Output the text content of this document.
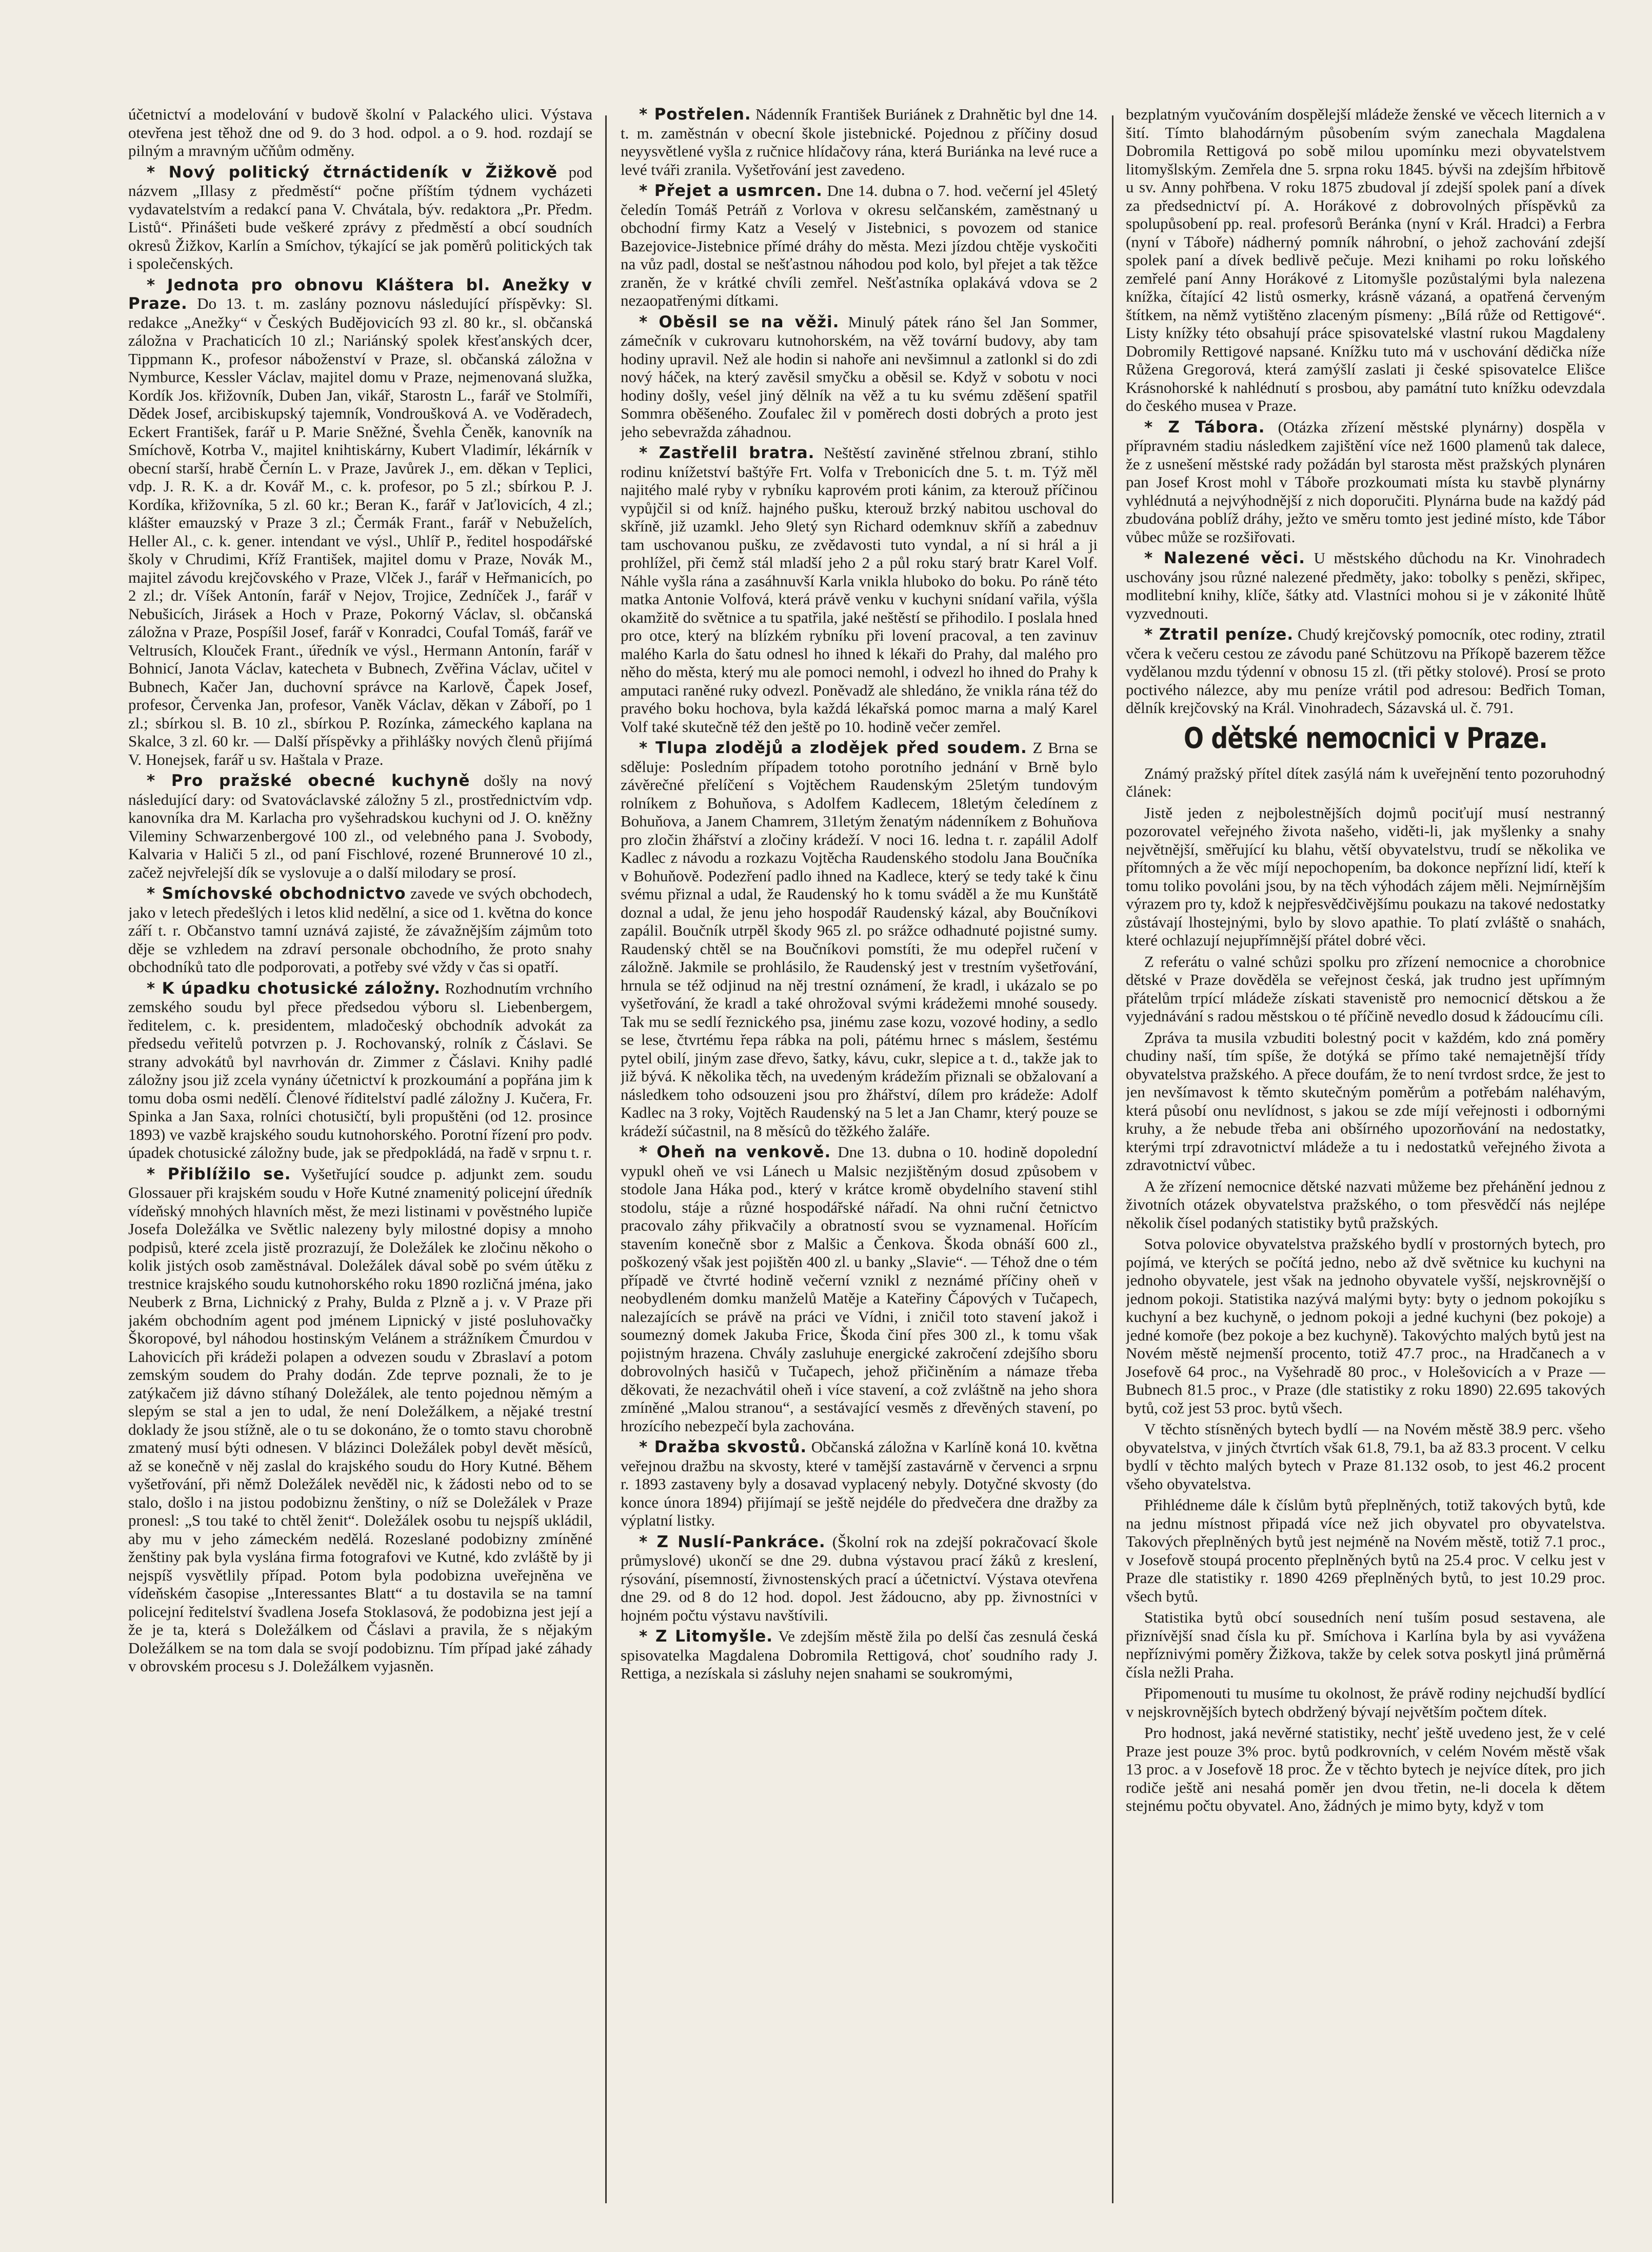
účetnictví a modelování v budově školní v Palackého ulici. Výstava otevřena jest těhož dne od 9. do 3 hod. odpol. a o 9. hod. rozdají se pilným a mravným učňům odměny.

* Nový politický čtrnáctideník v Žižkově pod názvem „Illasy z předměstí“ počne příštím týdnem vycházeti vydavatelstvím a redakcí pana V. Chvátala, býv. redaktora „Pr. Předm. Listů“. Přinášeti bude veškeré zprávy z předměstí a obcí soudních okresů Žižkov, Karlín a Smíchov, týkající se jak poměrů politických tak i společenských.

* Jednota pro obnovu Kláštera bl. Anežky v Praze. Do 13. t. m. zaslány poznovu následující příspěvky: Sl. redakce „Anežky“ v Českých Budějovicích 93 zl. 80 kr., sl. občanská záložna v Prachaticích 10 zl.; Nariánský spolek křesťanských dcer, Tippmann K., profesor náboženství v Praze, sl. občanská záložna v Nymburce, Kessler Václav, majitel domu v Praze, nejmenovaná služka, Kordík Jos. křižovník, Duben Jan, vikář, Starostn L., farář ve Stolmíři, Dědek Josef, arcibiskupský tajemník, Vondroušková A. ve Voděradech, Eckert František, farář u P. Marie Sněžné, Švehla Čeněk, kanovník na Smíchově, Kotrba V., majitel knihtiskárny, Kubert Vladimír, lékárník v obecní starší, hrabě Černín L. v Praze, Javůrek J., em. děkan v Teplici, vdp. J. R. K. a dr. Kovář M., c. k. profesor, po 5 zl.; sbírkou P. J. Kordíka, křižovníka, 5 zl. 60 kr.; Beran K., farář v Jaťlovicích, 4 zl.; klášter emauzský v Praze 3 zl.; Čermák Frant., farář v Nebuželích, Heller Al., c. k. gener. intendant ve výsl., Uhlíř P., ředitel hospodářské školy v Chrudimi, Kříž František, majitel domu v Praze, Novák M., majitel závodu krejčovského v Praze, Vlček J., farář v Heřmanicích, po 2 zl.; dr. Víšek Antonín, farář v Nejov, Trojice, Zedníček J., farář v Nebušicích, Jirásek a Hoch v Praze, Pokorný Václav, sl. občanská záložna v Praze, Pospíšil Josef, farář v Konradci, Coufal Tomáš, farář ve Veltrusích, Klouček Frant., úředník ve výsl., Hermann Antonín, farář v Bohnicí, Janota Václav, katecheta v Bubnech, Zvěřina Václav, učitel v Bubnech, Kačer Jan, duchovní správce na Karlově, Čapek Josef, profesor, Červenka Jan, profesor, Vaněk Václav, děkan v Záboří, po 1 zl.; sbírkou sl. B. 10 zl., sbírkou P. Rozínka, zámeckého kaplana na Skalce, 3 zl. 60 kr. — Další příspěvky a přihlášky nových členů přijímá V. Honejsek, farář u sv. Haštala v Praze.

* Pro pražské obecné kuchyně došly na nový následující dary: od Svatováclavské záložny 5 zl., prostřednictvím vdp. kanovníka dra M. Karlacha pro vyšehradskou kuchyni od J. O. kněžny Vileminy Schwarzenbergové 100 zl., od velebného pana J. Svobody, Kalvaria v Haliči 5 zl., od paní Fischlové, rozené Brunnerové 10 zl., začež nejvřelejší dík se vyslovuje a o další milodary se prosí.

* Smíchovské obchodnictvo zavede ve svých obchodech, jako v letech předešlých i letos klid nedělní, a sice od 1. května do konce září t. r. Občanstvo tamní uznává zajisté, že závažnějším zájmům toto děje se vzhledem na zdraví personale obchodního, že proto snahy obchodníků tato dle podporovati, a potřeby své vždy v čas si opatří.

* K úpadku chotusické záložny. Rozhodnutím vrchního zemského soudu byl přece předsedou výboru sl. Liebenbergem, ředitelem, c. k. presidentem, mladočeský obchodník advokát za předsedu veřitelů potvrzen p. J. Rochovanský, rolník z Čáslavi. Se strany advokátů byl navrhován dr. Zimmer z Čáslavi. Knihy padlé záložny jsou již zcela vynány účetnictví k prozkoumání a popřána jim k tomu doba osmi nedělí. Členové říditelství padlé záložny J. Kučera, Fr. Spinka a Jan Saxa, rolníci chotusičtí, byli propuštěni (od 12. prosince 1893) ve vazbě krajského soudu kutnohorského. Porotní řízení pro podv. úpadek chotusické záložny bude, jak se předpokládá, na řadě v srpnu t. r.

* Přiblížilo se. Vyšetřující soudce p. adjunkt zem. soudu Glossauer při krajském soudu v Hoře Kutné znamenitý policejní úředník vídeňský mnohých hlavních měst, že mezi listinami v pověstného lupiče Josefa Doležálka ve Světlic nalezeny byly milostné dopisy a mnoho podpisů, které zcela jistě prozrazují, že Doležálek ke zločinu někoho o kolik jistých osob zaměstnával. Doležálek dával sobě po svém útěku z trestnice krajského soudu kutnohorského roku 1890 rozličná jména, jako Neuberk z Brna, Lichnický z Prahy, Bulda z Plzně a j. v. V Praze při jakém obchodním agent pod jménem Lipnický v jisté posluhovačky Škoropové, byl náhodou hostinským Velánem a strážníkem Čmurdou v Lahovicích při krádeži polapen a odvezen soudu v Zbraslaví a potom zemským soudem do Prahy dodán. Zde teprve poznali, že to je zatýkačem již dávno stíhaný Doležálek, ale tento pojednou němým a slepým se stal a jen to udal, že není Doležálkem, a nějaké trestní doklady že jsou stížně, ale o tu se dokonáno, že o tomto stavu chorobně zmatený musí býti odnesen. V blázinci Doležálek pobyl devět měsíců, až se konečně v něj zaslal do krajského soudu do Hory Kutné. Během vyšetřování, při němž Doležálek nevěděl nic, k žádosti nebo od to se stalo, došlo i na jistou podobiznu ženštiny, o níž se Doležálek v Praze pronesl: „S tou také to chtěl ženit“. Doležálek osobu tu nejspíš ukládil, aby mu v jeho zámeckém nedělá. Rozeslané podobizny zmíněné ženštiny pak byla vyslána firma fotografovi ve Kutné, kdo zvláště by ji nejspíš vysvětlily případ. Potom byla podobizna uveřejněna ve vídeňském časopise „Interessantes Blatt“ a tu dostavila se na tamní policejní ředitelství švadlena Josefa Stoklasová, že podobizna jest její a že je ta, která s Doležálkem od Čáslavi a pravila, že s nějakým Doležálkem se na tom dala se svojí podobiznu. Tím případ jaké záhady v obrovském procesu s J. Doležálkem vyjasněn.

* Postřelen. Nádenník František Buriánek z Drahnětic byl dne 14. t. m. zaměstnán v obecní škole jistebnické. Pojednou z příčiny dosud neyysvětlené vyšla z ručnice hlídačovy rána, která Buriánka na levé ruce a levé tváři zranila. Vyšetřování jest zavedeno.

* Přejet a usmrcen. Dne 14. dubna o 7. hod. večerní jel 45letý čeledín Tomáš Petráň z Vorlova v okresu selčanském, zaměstnaný u obchodní firmy Katz a Veselý v Jistebnici, s povozem od stanice Bazejovice-Jistebnice přímé dráhy do města. Mezi jízdou chtěje vyskočiti na vůz padl, dostal se nešťastnou náhodou pod kolo, byl přejet a tak těžce zraněn, že v krátké chvíli zemřel. Nešťastníka oplakává vdova se 2 nezaopatřenými dítkami.

* Oběsil se na věži. Minulý pátek ráno šel Jan Sommer, zámečník v cukrovaru kutnohorském, na věž tovární budovy, aby tam hodiny upravil. Než ale hodin si nahoře ani nevšimnul a zatlonkl si do zdi nový háček, na který zavěsil smyčku a oběsil se. Když v sobotu v noci hodiny došly, veśel jiný dělník na věž a tu ku svému zděšení spatřil Sommra oběšeného. Zoufalec žil v poměrech dosti dobrých a proto jest jeho sebevražda záhadnou.

* Zastřelil bratra. Neštěstí zaviněné střelnou zbraní, stihlo rodinu knížetství baštýře Frt. Volfa v Trebonicích dne 5. t. m. Týž měl najitého malé ryby v rybníku kaprovém proti kánim, za kterouž příčinou vypůjčil si od kníž. hajného pušku, kterouž brzký nabitou uschoval do skříně, již uzamkl. Jeho 9letý syn Richard odemknuv skříň a zabednuv tam uschovanou pušku, ze zvědavosti tuto vyndal, a ní si hrál a ji prohlížel, při čemž stál mladší jeho 2 a půl roku starý bratr Karel Volf. Náhle vyšla rána a zasáhnuvší Karla vnikla hluboko do boku. Po ráně této matka Antonie Volfová, která právě venku v kuchyni snídaní vařila, výšla okamžitě do světnice a tu spatřila, jaké neštěstí se přihodilo. I poslala hned pro otce, který na blízkém rybníku při lovení pracoval, a ten zavinuv malého Karla do šatu odnesl ho ihned k lékaři do Prahy, dal malého pro něho do města, který mu ale pomoci nemohl, i odvezl ho ihned do Prahy k amputaci raněné ruky odvezl. Poněvadž ale shledáno, že vnikla rána též do pravého boku hochova, byla každá lékařská pomoc marna a malý Karel Volf také skutečně též den ještě po 10. hodině večer zemřel.

* Tlupa zlodějů a zlodějek před soudem. Z Brna se sděluje: Posledním případem totoho porotního jednání v Brně bylo závěrečné přelíčení s Vojtěchem Raudenským 25letým tundovým rolníkem z Bohuňova, s Adolfem Kadlecem, 18letým čeledínem z Bohuňova, a Janem Chamrem, 31letým ženatým nádenníkem z Bohuňova pro zločin žhářství a zločiny krádeží. V noci 16. ledna t. r. zapálil Adolf Kadlec z návodu a rozkazu Vojtěcha Raudenského stodolu Jana Boučníka v Bohuňově. Podezření padlo ihned na Kadlece, který se tedy také k činu svému přiznal a udal, že Raudenský ho k tomu sváděl a že mu Kunštátě doznal a udal, že jenu jeho hospodář Raudenský kázal, aby Boučníkovi zapálil. Boučník utrpěl škody 965 zl. po srážce odhadnuté pojistné sumy. Raudenský chtěl se na Boučníkovi pomstíti, že mu odepřel ručení v záložně. Jakmile se prohlásilo, že Raudenský jest v trestním vyšetřování, hrnula se též odjinud na něj trestní oznámení, že kradl, i ukázalo se po vyšetřování, že kradl a také ohrožoval svými krádežemi mnohé sousedy. Tak mu se sedlí řeznického psa, jinému zase kozu, vozové hodiny, a sedlo se lese, čtvrtému řepa rábka na poli, pátému hrnec s máslem, šestému pytel obilí, jiným zase dřevo, šatky, kávu, cukr, slepice a t. d., takže jak to již bývá. K několika těch, na uvedeným krádežím přiznali se obžalovaní a následkem toho odsouzeni jsou pro žhářství, dílem pro krádeže: Adolf Kadlec na 3 roky, Vojtěch Raudenský na 5 let a Jan Chamr, který pouze se krádeží súčastnil, na 8 měsíců do těžkého žaláře.

* Oheň na venkově. Dne 13. dubna o 10. hodině dopolední vypukl oheň ve vsi Lánech u Malsic nezjištěným dosud způsobem v stodole Jana Háka pod., který v krátce kromě obydelního stavení stihl stodolu, stáje a různé hospodářské nářadí. Na ohni ruční četnictvo pracovalo záhy přikvačily a obratností svou se vyznamenal. Hořícím stavením konečně sbor z Malšic a Čenkova. Škoda obnáší 600 zl., poškozený však jest pojištěn 400 zl. u banky „Slavie“. — Téhož dne o tém případě ve čtvrté hodině večerní vznikl z neznámé příčiny oheň v neobydleném domku manželů Matěje a Kateřiny Čápových v Tučapech, nalezajících se právě na práci ve Vídni, i zničil toto stavení jakož i soumezný domek Jakuba Frice, Škoda činí přes 300 zl., k tomu však pojistným hrazena. Chvály zasluhuje energické zakročení zdejšího sboru dobrovolných hasičů v Tučapech, jehož přičiněním a námaze třeba děkovati, že nezachvátil oheň i více stavení, a což zvláštně na jeho shora zmíněné „Malou stranou“, a sestávající vesměs z dřevěných stavení, po hrozícího nebezpečí byla zachována.

* Dražba skvostů. Občanská záložna v Karlíně koná 10. května veřejnou dražbu na skvosty, které v tamější zastavárně v červenci a srpnu r. 1893 zastaveny byly a dosavad vyplacený nebyly. Dotyčné skvosty (do konce února 1894) přijímají se ještě nejdéle do předvečera dne dražby za výplatní listky.

* Z Nuslí-Pankráce. (Školní rok na zdejší pokračovací škole průmyslové) ukončí se dne 29. dubna výstavou prací žáků z kreslení, rýsování, písemností, živnostenských prací a účetnictví. Výstava otevřena dne 29. od 8 do 12 hod. dopol. Jest žádoucno, aby pp. živnostníci v hojném počtu výstavu navštívili.

* Z Litomyšle. Ve zdejším městě žila po delší čas zesnulá česká spisovatelka Magdalena Dobromila Rettigová, choť soudního rady J. Rettiga, a nezískala si zásluhy nejen snahami se soukromými,

bezplatným vyučováním dospělejší mládeže ženské ve věcech liternich a v šití. Tímto blahodárným působením svým zanechala Magdalena Dobromila Rettigová po sobě milou upomínku mezi obyvatelstvem litomyšlským. Zemřela dne 5. srpna roku 1845. bývši na zdejším hřbitově u sv. Anny pohřbena. V roku 1875 zbudoval jí zdejší spolek paní a dívek za předsednictví pí. A. Horákové z dobrovolných příspěvků za spolupůsobení pp. real. profesorů Beránka (nyní v Král. Hradci) a Ferbra (nyní v Táboře) nádherný pomník náhrobní, o jehož zachování zdejší spolek paní a dívek bedlivě pečuje. Mezi knihami po roku loňského zemřelé paní Anny Horákové z Litomyšle pozůstalými byla nalezena knížka, čítající 42 listů osmerky, krásně vázaná, a opatřená červeným štítkem, na němž vytištěno zlaceným písmeny: „Bílá růže od Rettigové“. Listy knížky této obsahují práce spisovatelské vlastní rukou Magdaleny Dobromily Rettigové napsané. Knížku tuto má v uschování dědička níže Růžena Gregorová, která zamýšlí zaslati ji české spisovatelce Elišce Krásnohorské k nahlédnutí s prosbou, aby památní tuto knížku odevzdala do českého musea v Praze.

* Z Tábora. (Otázka zřízení městské plynárny) dospěla v přípravném stadiu následkem zajištění více než 1600 plamenů tak dalece, že z usnešení městské rady požádán byl starosta měst pražských plynáren pan Josef Krost mohl v Táboře prozkoumati místa ku stavbě plynárny vyhlédnutá a nejvýhodnější z nich doporučiti. Plynárna bude na každý pád zbudována poblíž dráhy, ježto ve směru tomto jest jediné místo, kde Tábor vůbec může se rozšiřovati.

* Nalezené věci. U městského důchodu na Kr. Vinohradech uschovány jsou různé nalezené předměty, jako: tobolky s penězi, skřipec, modlitební knihy, klíče, šátky atd. Vlastníci mohou si je v zákonité lhůtě vyzvednouti.

* Ztratil peníze. Chudý krejčovský pomocník, otec rodiny, ztratil včera k večeru cestou ze závodu pané Schützovu na Příkopě bazerem těžce vydělanou mzdu týdenní v obnosu 15 zl. (tři pětky stolové). Prosí se proto poctivého nálezce, aby mu peníze vrátil pod adresou: Bedřich Toman, dělník krejčovský na Král. Vinohradech, Sázavská ul. č. 791.

O dětské nemocnici v Praze.

Známý pražský přítel dítek zasýlá nám k uveřejnění tento pozoruhodný článek:

Jistě jeden z nejbolestnějších dojmů pociťují musí nestranný pozorovatel veřejného života našeho, viděti-li, jak myšlenky a snahy největnější, směřující ku blahu, větší obyvatelstvu, trudí se několika ve přítomných a že věc míjí nepochopením, ba dokonce nepřízní lidí, kteří k tomu toliko povoláni jsou, by na těch výhodách zájem měli. Nejmírnějším výrazem pro ty, kdož k nejpřesvědčivějšímu poukazu na takové nedostatky zůstávají lhostejnými, bylo by slovo apathie. To platí zvláště o snahách, které ochlazují nejupřímnější přátel dobré věci.

Z referátu o valné schůzi spolku pro zřízení nemocnice a chorobnice dětské v Praze dověděla se veřejnost česká, jak trudno jest upřímným přátelům trpící mládeže získati stavenistě pro nemocnicí dětskou a že vyjednávání s radou městskou o té příčině nevedlo dosud k žádoucímu cíli.

Zpráva ta musila vzbuditi bolestný pocit v každém, kdo zná poměry chudiny naší, tím spíše, že dotýká se přímo také nemajetnější třídy obyvatelstva pražského. A přece doufám, že to není tvrdost srdce, že jest to jen nevšímavost k těmto skutečným poměrům a potřebám naléhavým, která působí onu nevlídnost, s jakou se zde míjí veřejnosti i odbornými kruhy, a že nebude třeba ani obšírného upozorňování na nedostatky, kterými trpí zdravotnictví mládeže a tu i nedostatků veřejného života a zdravotnictví vůbec.

A že zřízení nemocnice dětské nazvati můžeme bez přehánění jednou z životních otázek obyvatelstva pražského, o tom přesvědčí nás nejlépe několik čísel podaných statistiky bytů pražských.

Sotva polovice obyvatelstva pražského bydlí v prostorných bytech, pro pojímá, ve kterých se počítá jedno, nebo až dvě světnice ku kuchyni na jednoho obyvatele, jest však na jednoho obyvatele vyšší, nejskrovnější o jednom pokoji. Statistika nazývá malými byty: byty o jednom pokojíku s kuchyní a bez kuchyně, o jednom pokoji a jedné kuchyni (bez pokoje) a jedné komoře (bez pokoje a bez kuchyně). Takovýchto malých bytů jest na Novém městě nejmenší procento, totiž 47.7 proc., na Hradčanech a v Josefově 64 proc., na Vyšehradě 80 proc., v Holešovicích a v Praze — Bubnech 81.5 proc., v Praze (dle statistiky z roku 1890) 22.695 takových bytů, což jest 53 proc. bytů všech.

V těchto stísněných bytech bydlí — na Novém městě 38.9 perc. všeho obyvatelstva, v jiných čtvrtích však 61.8, 79.1, ba až 83.3 procent. V celku bydlí v těchto malých bytech v Praze 81.132 osob, to jest 46.2 procent všeho obyvatelstva.

Přihlédneme dále k číslům bytů přeplněných, totiž takových bytů, kde na jednu místnost připadá více než jich obyvatel pro obyvatelstva. Takových přeplněných bytů jest nejméně na Novém městě, totiž 7.1 proc., v Josefově stoupá procento přeplněných bytů na 25.4 proc. V celku jest v Praze dle statistiky r. 1890 4269 přeplněných bytů, to jest 10.29 proc. všech bytů.

Statistika bytů obcí sousedních není tuším posud sestavena, ale přiznívější snad čísla ku př. Smíchova i Karlína byla by asi vyvážena nepříznivými poměry Žižkova, takže by celek sotva poskytl jiná průměrná čísla nežli Praha.

Připomenouti tu musíme tu okolnost, že právě rodiny nejchudší bydlící v nejskrovnějších bytech obdržený bývají největším počtem dítek.

Pro hodnost, jaká nevěrné statistiky, nechť ještě uvedeno jest, že v celé Praze jest pouze 3% proc. bytů podkrovních, v celém Novém městě však 13 proc. a v Josefově 18 proc. Že v těchto bytech je nejvíce dítek, pro jich rodiče ještě ani nesahá poměr jen dvou třetin, ne-li docela k dětem stejnému počtu obyvatel. Ano, žádných je mimo byty, když v tom
